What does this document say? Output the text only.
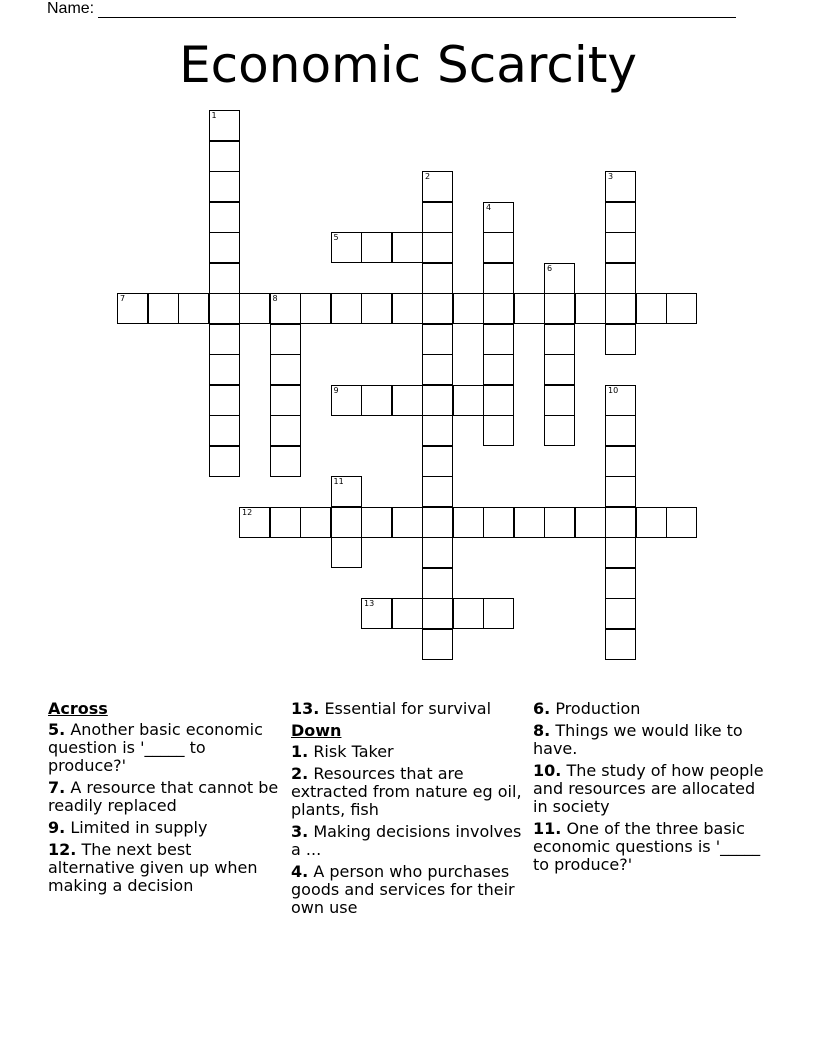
Name:
Economic Scarcity
1
2	3
4
5
6
7	8
9	10
11
12
13
Across
5. Another basic economic question is '_____ to produce?'
7. A resource that cannot be readily replaced
9. Limited in supply
12. The next best alternative given up when making a decision
13. Essential for survival
Down
1. Risk Taker
2. Resources that are extracted from nature eg oil, plants, fish
3. Making decisions involves a ...
4. A person who purchases goods and services for their own use
6. Production
8. Things we would like to have.
10. The study of how people and resources are allocated in society
11. One of the three basic economic questions is '_____ to produce?'
